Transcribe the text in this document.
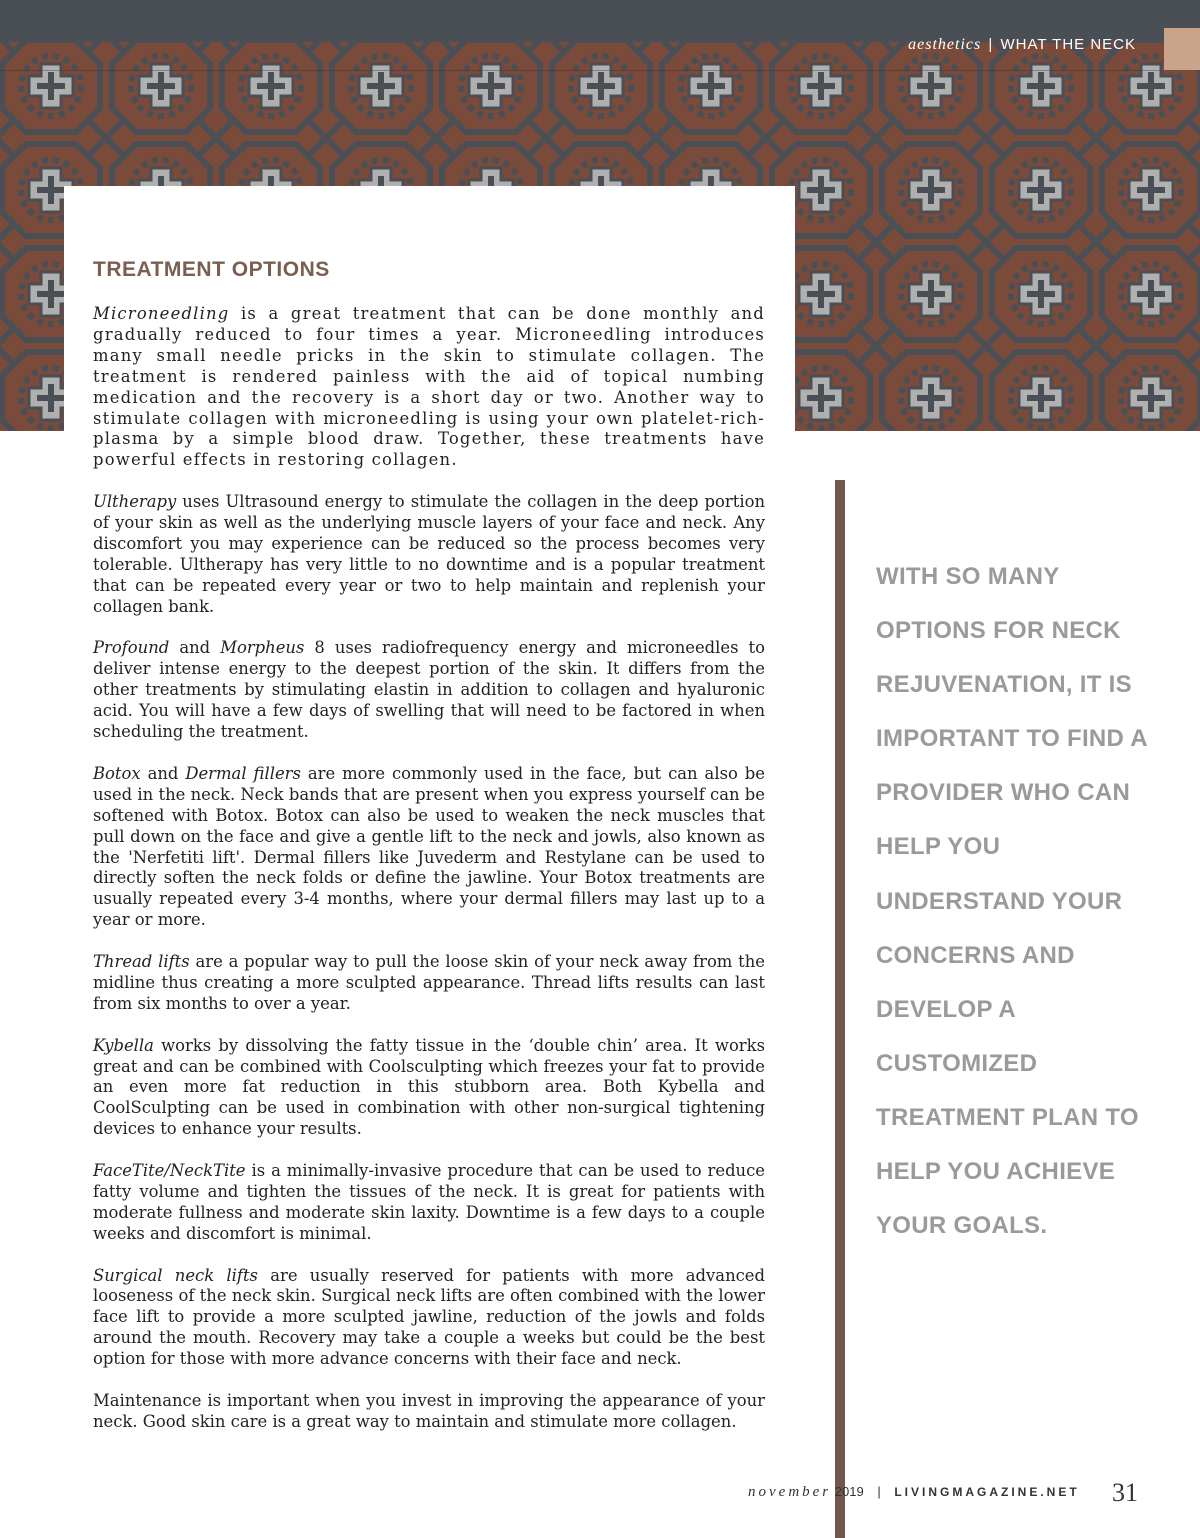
aesthetics | WHAT THE NECK
TREATMENT OPTIONS
Microneedling is a great treatment that can be done monthly and gradually reduced to four times a year. Microneedling introduces many small needle pricks in the skin to stimulate collagen. The treatment is rendered painless with the aid of topical numbing medication and the recovery is a short day or two. Another way to stimulate collagen with microneedling is using your own platelet-rich-plasma by a simple blood draw. Together, these treatments have powerful effects in restoring collagen.
Ultherapy uses Ultrasound energy to stimulate the collagen in the deep portion of your skin as well as the underlying muscle layers of your face and neck. Any discomfort you may experience can be reduced so the process becomes very tolerable. Ultherapy has very little to no downtime and is a popular treatment that can be repeated every year or two to help maintain and replenish your collagen bank.
Profound and Morpheus 8 uses radiofrequency energy and microneedles to deliver intense energy to the deepest portion of the skin. It differs from the other treatments by stimulating elastin in addition to collagen and hyaluronic acid. You will have a few days of swelling that will need to be factored in when scheduling the treatment.
Botox and Dermal fillers are more commonly used in the face, but can also be used in the neck. Neck bands that are present when you express yourself can be softened with Botox. Botox can also be used to weaken the neck muscles that pull down on the face and give a gentle lift to the neck and jowls, also known as the 'Nerfetiti lift'. Dermal fillers like Juvederm and Restylane can be used to directly soften the neck folds or define the jawline. Your Botox treatments are usually repeated every 3-4 months, where your dermal fillers may last up to a year or more.
Thread lifts are a popular way to pull the loose skin of your neck away from the midline thus creating a more sculpted appearance. Thread lifts results can last from six months to over a year.
Kybella works by dissolving the fatty tissue in the ‘double chin’ area. It works great and can be combined with Coolsculpting which freezes your fat to provide an even more fat reduction in this stubborn area. Both Kybella and CoolSculpting can be used in combination with other non-surgical tightening devices to enhance your results.
FaceTite/NeckTite is a minimally-invasive procedure that can be used to reduce fatty volume and tighten the tissues of the neck. It is great for patients with moderate fullness and moderate skin laxity. Downtime is a few days to a couple weeks and discomfort is minimal.
Surgical neck lifts are usually reserved for patients with more advanced looseness of the neck skin. Surgical neck lifts are often combined with the lower face lift to provide a more sculpted jawline, reduction of the jowls and folds around the mouth. Recovery may take a couple a weeks but could be the best option for those with more advance concerns with their face and neck.
Maintenance is important when you invest in improving the appearance of your neck. Good skin care is a great way to maintain and stimulate more collagen.
WITH SO MANY OPTIONS FOR NECK REJUVENATION, IT IS IMPORTANT TO FIND A PROVIDER WHO CAN HELP YOU UNDERSTAND YOUR CONCERNS AND DEVELOP A CUSTOMIZED TREATMENT PLAN TO HELP YOU ACHIEVE YOUR GOALS.
november 2019 | LIVINGMAGAZINE.NET 31
